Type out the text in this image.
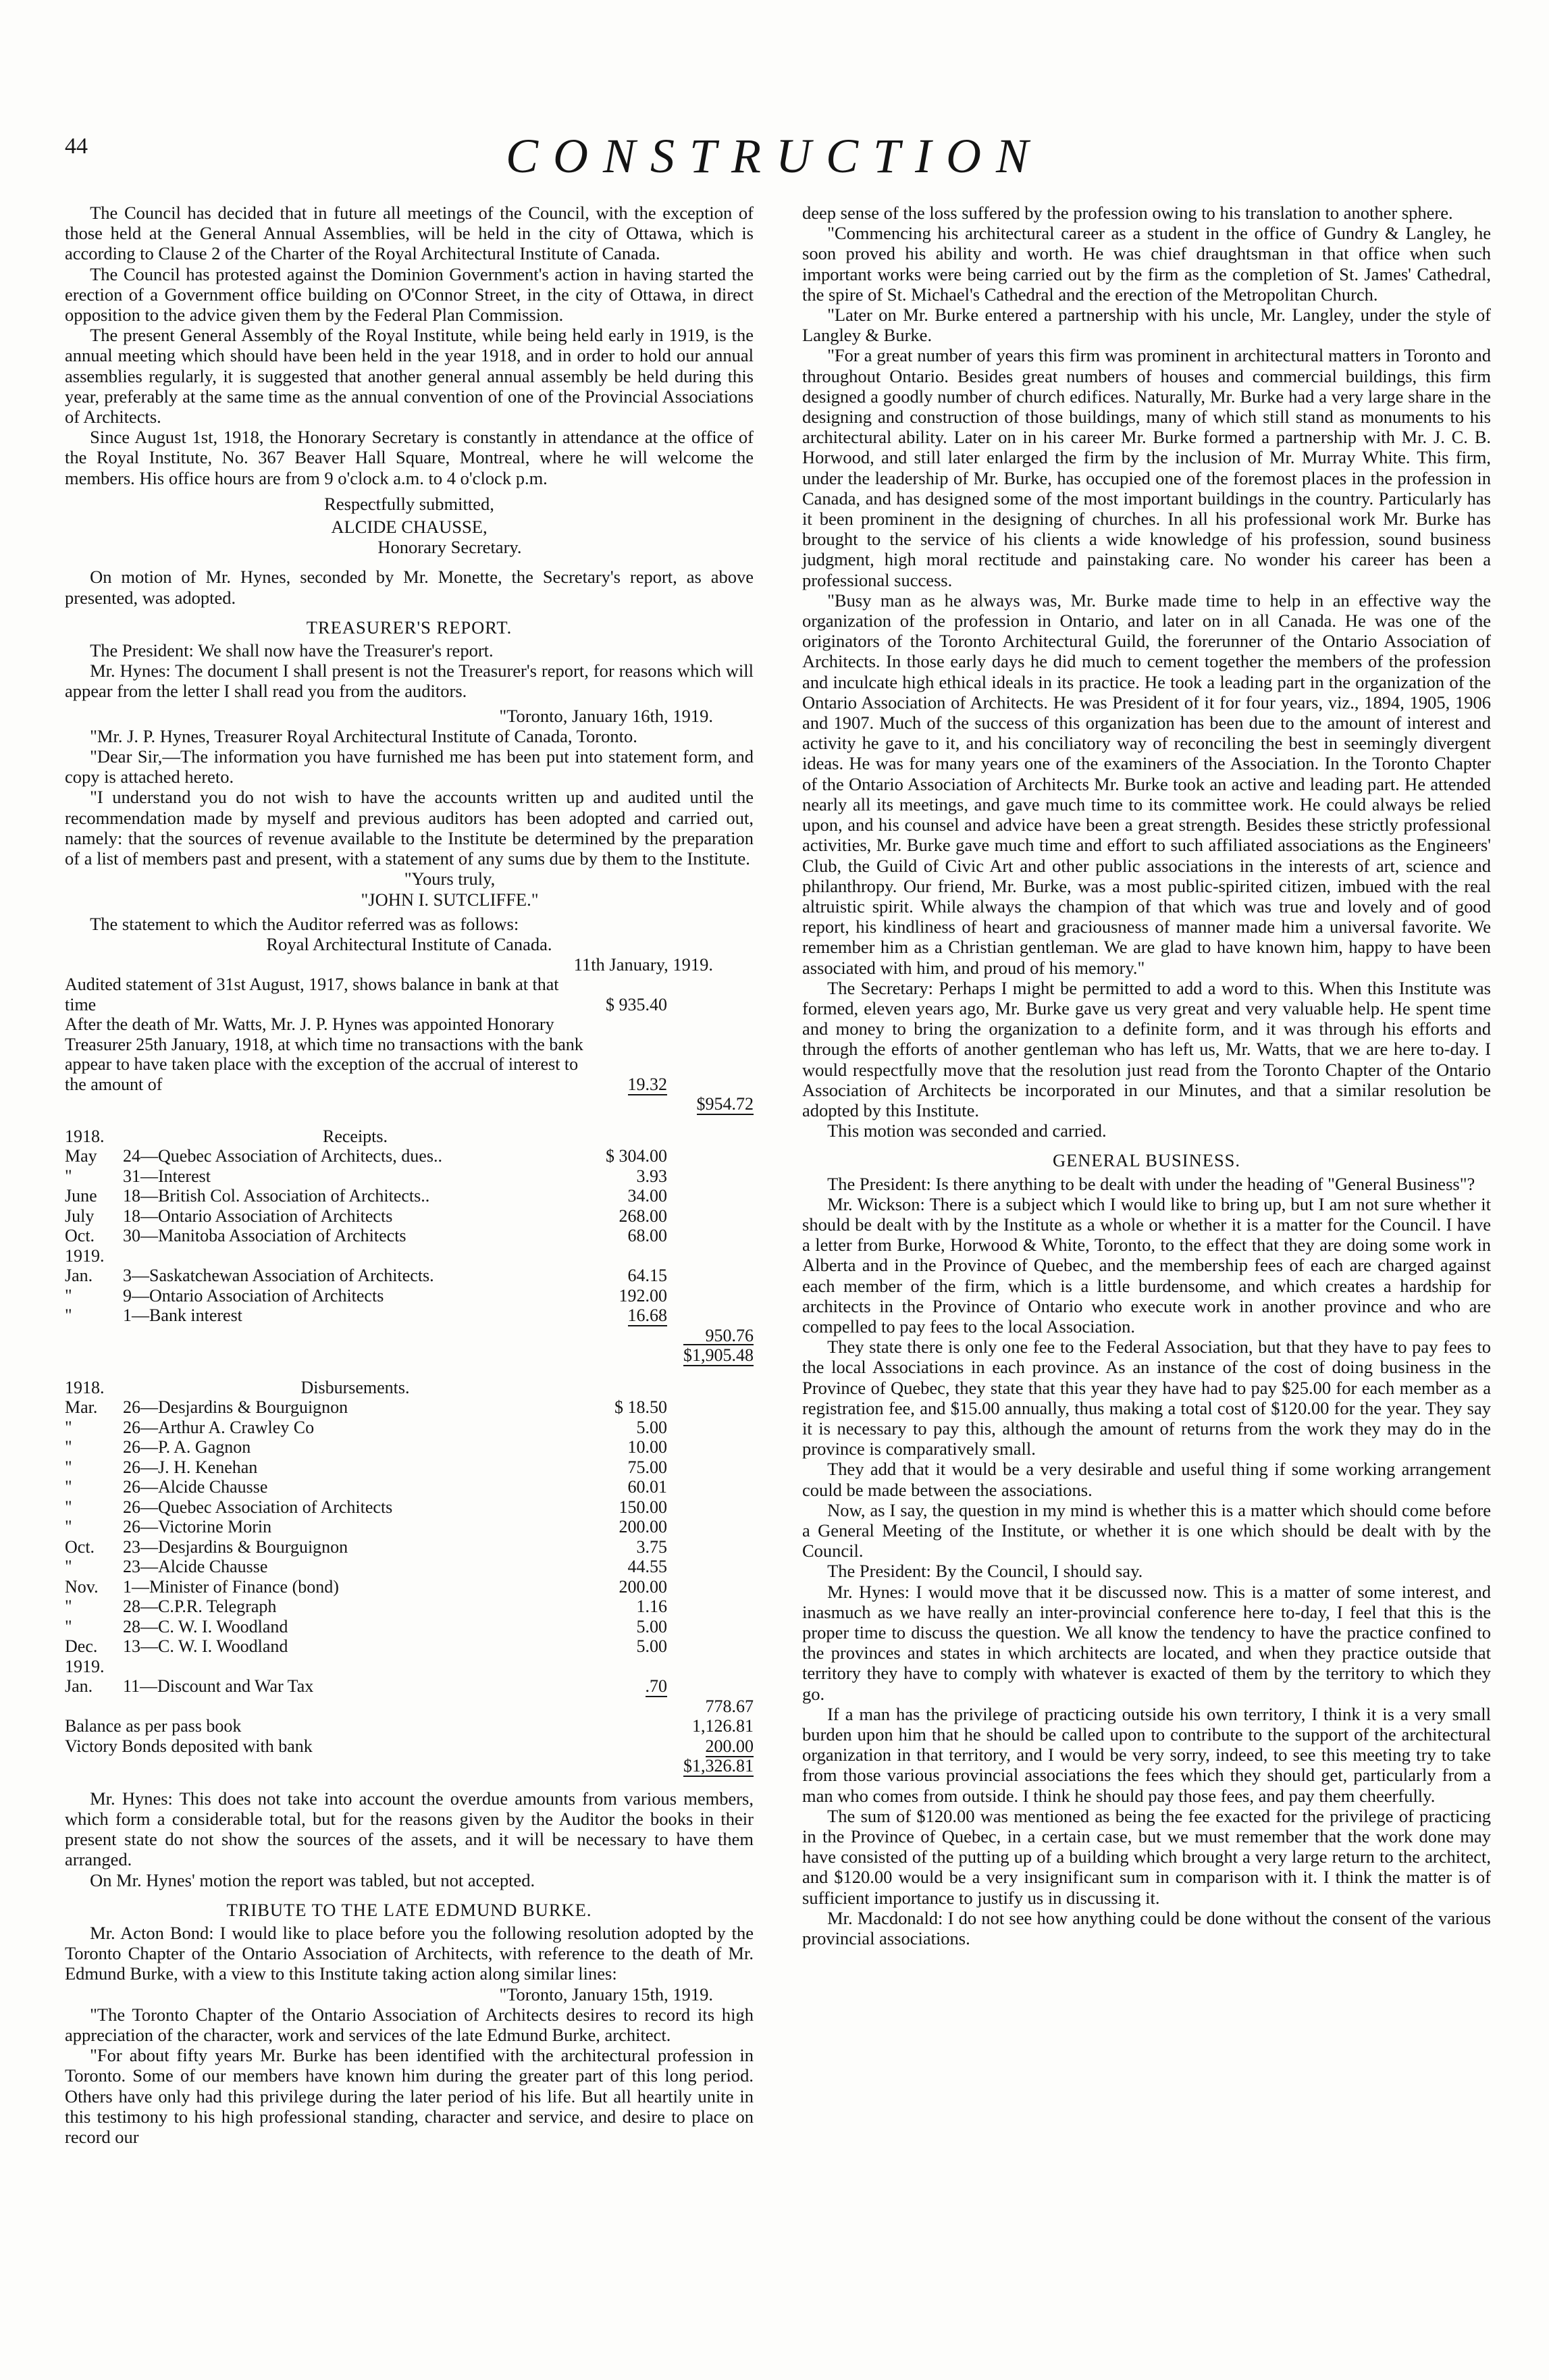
44	CONSTRUCTION

The Council has decided that in future all meetings of the Council, with the exception of those held at the General Annual Assemblies, will be held in the city of Ottawa, which is according to Clause 2 of the Charter of the Royal Architectural Institute of Canada.

The Council has protested against the Dominion Government's action in having started the erection of a Government office building on O'Connor Street, in the city of Ottawa, in direct opposition to the advice given them by the Federal Plan Commission.

The present General Assembly of the Royal Institute, while being held early in 1919, is the annual meeting which should have been held in the year 1918, and in order to hold our annual assemblies regularly, it is suggested that another general annual assembly be held during this year, preferably at the same time as the annual convention of one of the Provincial Associations of Architects.

Since August 1st, 1918, the Honorary Secretary is constantly in attendance at the office of the Royal Institute, No. 367 Beaver Hall Square, Montreal, where he will welcome the members. His office hours are from 9 o'clock a.m. to 4 o'clock p.m.

Respectfully submitted,

ALCIDE CHAUSSE,

Honorary Secretary.

On motion of Mr. Hynes, seconded by Mr. Monette, the Secretary's report, as above presented, was adopted.

TREASURER'S REPORT.

The President: We shall now have the Treasurer's report.

Mr. Hynes: The document I shall present is not the Treasurer's report, for reasons which will appear from the letter I shall read you from the auditors.

"Toronto, January 16th, 1919.

"Mr. J. P. Hynes, Treasurer Royal Architectural Institute of Canada, Toronto.

"Dear Sir,—The information you have furnished me has been put into statement form, and copy is attached hereto.

"I understand you do not wish to have the accounts written up and audited until the recommendation made by myself and previous auditors has been adopted and carried out, namely: that the sources of revenue available to the Institute be determined by the preparation of a list of members past and present, with a statement of any sums due by them to the Institute.

"Yours truly,

"JOHN I. SUTCLIFFE."

The statement to which the Auditor referred was as follows:

Royal Architectural Institute of Canada.

11th January, 1919.

Audited statement of 31st August, 1917, shows balance in bank at that time	$ 935.40	
After the death of Mr. Watts, Mr. J. P. Hynes was appointed Honorary Treasurer 25th January, 1918, at which time no transactions with the bank appear to have taken place with the exception of the accrual of interest to the amount of	19.32	
		$954.72
1918.	Receipts.		
May	24—Quebec Association of Architects, dues..	$ 304.00	
"	31—Interest	3.93	
June	18—British Col. Association of Architects..	34.00	
July	18—Ontario Association of Architects	268.00	
Oct.	30—Manitoba Association of Architects	68.00	
1919.			
Jan.	3—Saskatchewan Association of Architects.	64.15	
"	9—Ontario Association of Architects	192.00	
"	1—Bank interest	16.68	
			950.76
			$1,905.48
1918.	Disbursements.		
Mar.	26—Desjardins & Bourguignon	$ 18.50	
"	26—Arthur A. Crawley Co	5.00	
"	26—P. A. Gagnon	10.00	
"	26—J. H. Kenehan	75.00	
"	26—Alcide Chausse	60.01	
"	26—Quebec Association of Architects	150.00	
"	26—Victorine Morin	200.00	
Oct.	23—Desjardins & Bourguignon	3.75	
"	23—Alcide Chausse	44.55	
Nov.	1—Minister of Finance (bond)	200.00	
"	28—C.P.R. Telegraph	1.16	
"	28—C. W. I. Woodland	5.00	
Dec.	13—C. W. I. Woodland	5.00	
1919.			
Jan.	11—Discount and War Tax	.70	
			778.67
Balance as per pass book			1,126.81
Victory Bonds deposited with bank			200.00
			$1,326.81

Mr. Hynes: This does not take into account the overdue amounts from various members, which form a considerable total, but for the reasons given by the Auditor the books in their present state do not show the sources of the assets, and it will be necessary to have them arranged.

On Mr. Hynes' motion the report was tabled, but not accepted.

TRIBUTE TO THE LATE EDMUND BURKE.

Mr. Acton Bond: I would like to place before you the following resolution adopted by the Toronto Chapter of the Ontario Association of Architects, with reference to the death of Mr. Edmund Burke, with a view to this Institute taking action along similar lines:

"Toronto, January 15th, 1919.

"The Toronto Chapter of the Ontario Association of Architects desires to record its high appreciation of the character, work and services of the late Edmund Burke, architect.

"For about fifty years Mr. Burke has been identified with the architectural profession in Toronto. Some of our members have known him during the greater part of this long period. Others have only had this privilege during the later period of his life. But all heartily unite in this testimony to his high professional standing, character and service, and desire to place on record our

deep sense of the loss suffered by the profession owing to his translation to another sphere.

"Commencing his architectural career as a student in the office of Gundry & Langley, he soon proved his ability and worth. He was chief draughtsman in that office when such important works were being carried out by the firm as the completion of St. James' Cathedral, the spire of St. Michael's Cathedral and the erection of the Metropolitan Church.

"Later on Mr. Burke entered a partnership with his uncle, Mr. Langley, under the style of Langley & Burke.

"For a great number of years this firm was prominent in architectural matters in Toronto and throughout Ontario. Besides great numbers of houses and commercial buildings, this firm designed a goodly number of church edifices. Naturally, Mr. Burke had a very large share in the designing and construction of those buildings, many of which still stand as monuments to his architectural ability. Later on in his career Mr. Burke formed a partnership with Mr. J. C. B. Horwood, and still later enlarged the firm by the inclusion of Mr. Murray White. This firm, under the leadership of Mr. Burke, has occupied one of the foremost places in the profession in Canada, and has designed some of the most important buildings in the country. Particularly has it been prominent in the designing of churches. In all his professional work Mr. Burke has brought to the service of his clients a wide knowledge of his profession, sound business judgment, high moral rectitude and painstaking care. No wonder his career has been a professional success.

"Busy man as he always was, Mr. Burke made time to help in an effective way the organization of the profession in Ontario, and later on in all Canada. He was one of the originators of the Toronto Architectural Guild, the forerunner of the Ontario Association of Architects. In those early days he did much to cement together the members of the profession and inculcate high ethical ideals in its practice. He took a leading part in the organization of the Ontario Association of Architects. He was President of it for four years, viz., 1894, 1905, 1906 and 1907. Much of the success of this organization has been due to the amount of interest and activity he gave to it, and his conciliatory way of reconciling the best in seemingly divergent ideas. He was for many years one of the examiners of the Association. In the Toronto Chapter of the Ontario Association of Architects Mr. Burke took an active and leading part. He attended nearly all its meetings, and gave much time to its committee work. He could always be relied upon, and his counsel and advice have been a great strength. Besides these strictly professional activities, Mr. Burke gave much time and effort to such affiliated associations as the Engineers' Club, the Guild of Civic Art and other public associations in the interests of art, science and philanthropy. Our friend, Mr. Burke, was a most public-spirited citizen, imbued with the real altruistic spirit. While always the champion of that which was true and lovely and of good report, his kindliness of heart and graciousness of manner made him a universal favorite. We remember him as a Christian gentleman. We are glad to have known him, happy to have been associated with him, and proud of his memory."

The Secretary: Perhaps I might be permitted to add a word to this. When this Institute was formed, eleven years ago, Mr. Burke gave us very great and very valuable help. He spent time and money to bring the organization to a definite form, and it was through his efforts and through the efforts of another gentleman who has left us, Mr. Watts, that we are here to-day. I would respectfully move that the resolution just read from the Toronto Chapter of the Ontario Association of Architects be incorporated in our Minutes, and that a similar resolution be adopted by this Institute.

This motion was seconded and carried.

GENERAL BUSINESS.

The President: Is there anything to be dealt with under the heading of "General Business"?

Mr. Wickson: There is a subject which I would like to bring up, but I am not sure whether it should be dealt with by the Institute as a whole or whether it is a matter for the Council. I have a letter from Burke, Horwood & White, Toronto, to the effect that they are doing some work in Alberta and in the Province of Quebec, and the membership fees of each are charged against each member of the firm, which is a little burdensome, and which creates a hardship for architects in the Province of Ontario who execute work in another province and who are compelled to pay fees to the local Association.

They state there is only one fee to the Federal Association, but that they have to pay fees to the local Associations in each province. As an instance of the cost of doing business in the Province of Quebec, they state that this year they have had to pay $25.00 for each member as a registration fee, and $15.00 annually, thus making a total cost of $120.00 for the year. They say it is necessary to pay this, although the amount of returns from the work they may do in the province is comparatively small.

They add that it would be a very desirable and useful thing if some working arrangement could be made between the associations.

Now, as I say, the question in my mind is whether this is a matter which should come before a General Meeting of the Institute, or whether it is one which should be dealt with by the Council.

The President: By the Council, I should say.

Mr. Hynes: I would move that it be discussed now. This is a matter of some interest, and inasmuch as we have really an inter-provincial conference here to-day, I feel that this is the proper time to discuss the question. We all know the tendency to have the practice confined to the provinces and states in which architects are located, and when they practice outside that territory they have to comply with whatever is exacted of them by the territory to which they go.

If a man has the privilege of practicing outside his own territory, I think it is a very small burden upon him that he should be called upon to contribute to the support of the architectural organization in that territory, and I would be very sorry, indeed, to see this meeting try to take from those various provincial associations the fees which they should get, particularly from a man who comes from outside. I think he should pay those fees, and pay them cheerfully.

The sum of $120.00 was mentioned as being the fee exacted for the privilege of practicing in the Province of Quebec, in a certain case, but we must remember that the work done may have consisted of the putting up of a building which brought a very large return to the architect, and $120.00 would be a very insignificant sum in comparison with it. I think the matter is of sufficient importance to justify us in discussing it.

Mr. Macdonald: I do not see how anything could be done without the consent of the various provincial associations.
